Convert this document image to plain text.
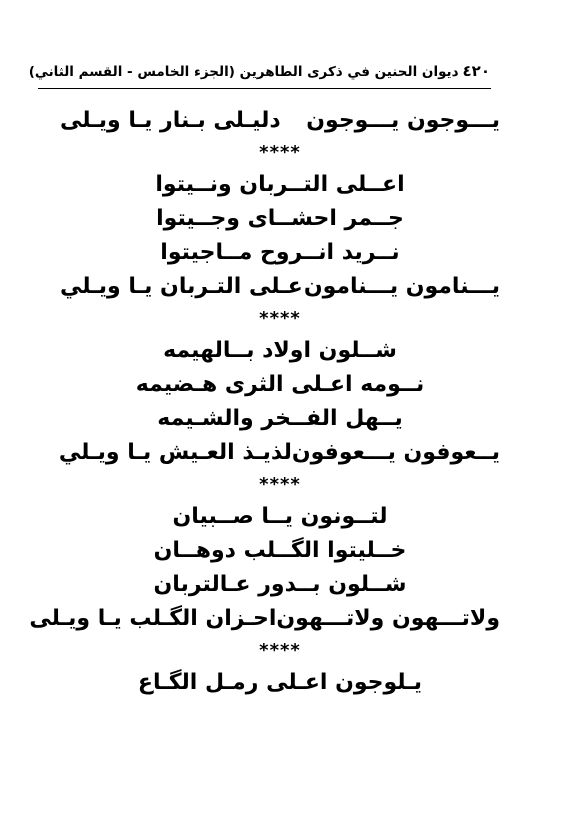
٤٢٠
ديوان الحنين في ذكرى الطاهرين (الجزء الخامس - القسم الثاني)
يـــوجون يـــوجون
دليـلى بـنار يـا ويـلى
****
اعــلى التــربان ونــيتوا
جــمر احشــاى وجــيتوا
نــريد انــروح مــاجيتوا
يـــنامون يـــنامون
عـلى التـربان يـا ويـلي
****
شــلون اولاد بــالهيمه
نــومه اعـلى الثرى هـضيمه
يــهل الفــخر والشـيمه
يــعوفون يـــعوفون
لذيـذ العـيش يـا ويـلي
****
لتــونون يــا صــبيان
خــليتوا الگــلب دوهــان
شــلون بــدور عـالتربان
ولاتـــهون ولاتـــهون
احـزان الگـلب يـا ويـلى
****
يـلوجون اعـلى رمـل الگـاع
